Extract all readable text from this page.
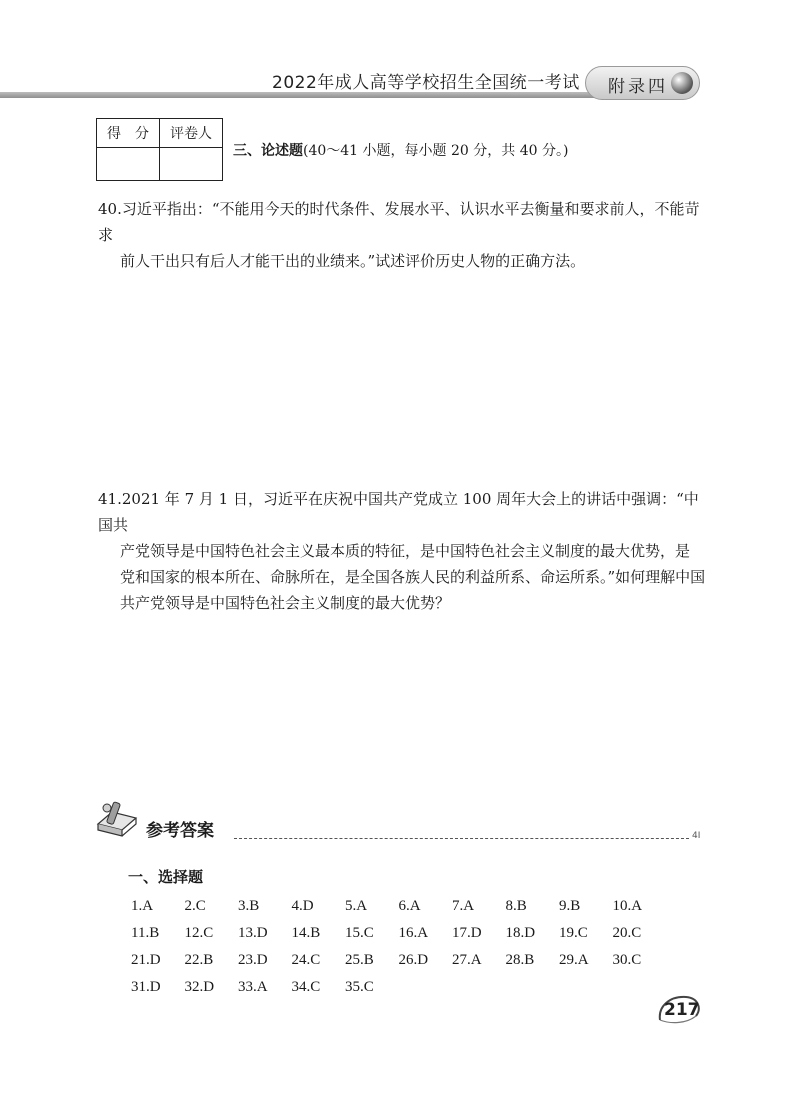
2022年成人高等学校招生全国统一考试 附录四
得　分	评卷人

三、论述题(40～41 小题，每小题 20 分，共 40 分。)
40.习近平指出：“不能用今天的时代条件、发展水平、认识水平去衡量和要求前人，不能苛求
前人干出只有后人才能干出的业绩来。”试述评价历史人物的正确方法。
41.2021 年 7 月 1 日，习近平在庆祝中国共产党成立 100 周年大会上的讲话中强调：“中国共
产党领导是中国特色社会主义最本质的特征，是中国特色社会主义制度的最大优势，是
党和国家的根本所在、命脉所在，是全国各族人民的利益所系、命运所系。”如何理解中国
共产党领导是中国特色社会主义制度的最大优势？
参考答案	4I
一、选择题
1.A	2.C	3.B	4.D	5.A	6.A	7.A	8.B	9.B	10.A
11.B	12.C	13.D	14.B	15.C	16.A	17.D	18.D	19.C	20.C
21.D	22.B	23.D	24.C	25.B	26.D	27.A	28.B	29.A	30.C
31.D	32.D	33.A	34.C	35.C
217
